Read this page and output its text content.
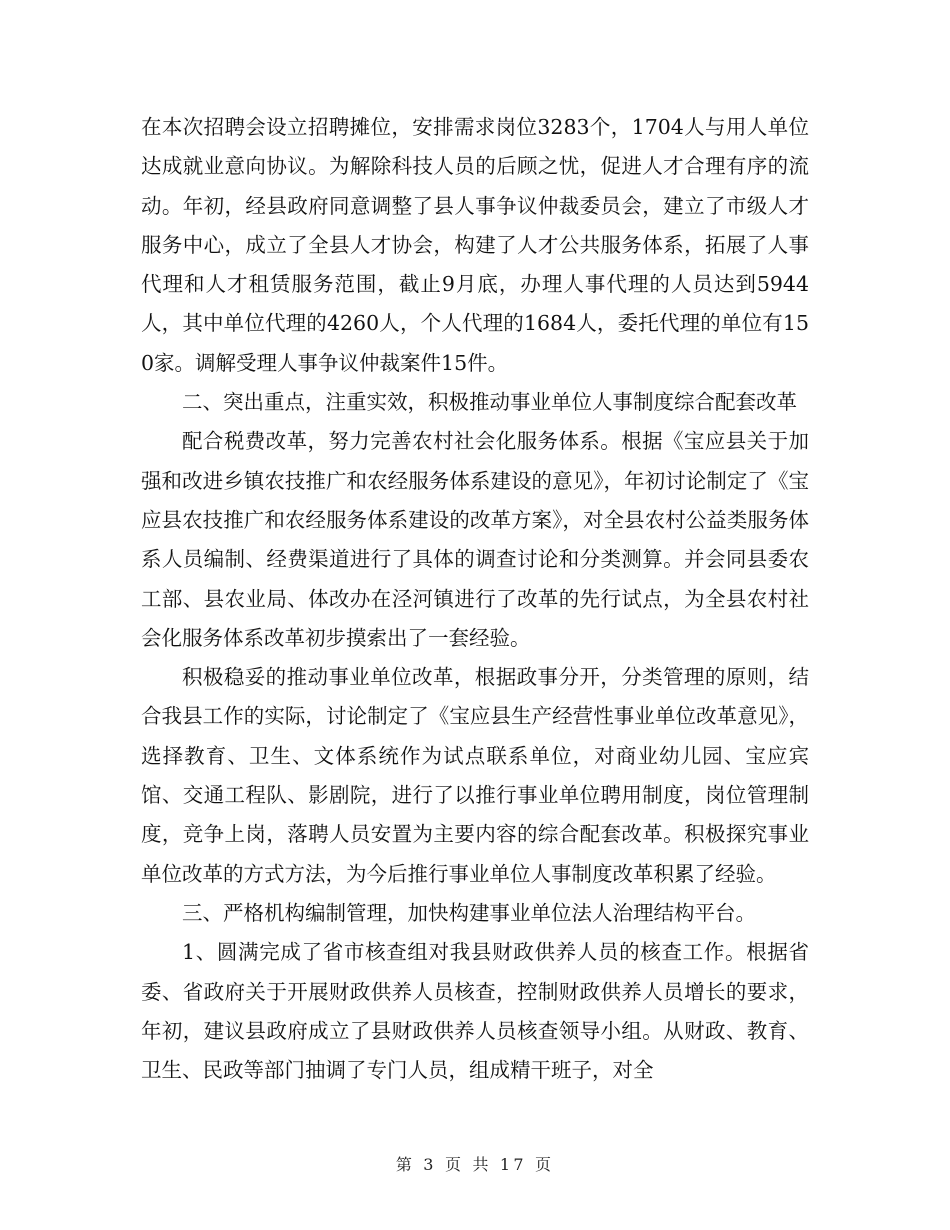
在本次招聘会设立招聘摊位，安排需求岗位3283个，1704人与用人单位达成就业意向协议。为解除科技人员的后顾之忧，促进人才合理有序的流动。年初，经县政府同意调整了县人事争议仲裁委员会，建立了市级人才服务中心，成立了全县人才协会，构建了人才公共服务体系，拓展了人事代理和人才租赁服务范围，截止9月底，办理人事代理的人员达到5944人，其中单位代理的4260人，个人代理的1684人，委托代理的单位有150家。调解受理人事争议仲裁案件15件。

二、突出重点，注重实效，积极推动事业单位人事制度综合配套改革

配合税费改革，努力完善农村社会化服务体系。根据《宝应县关于加强和改进乡镇农技推广和农经服务体系建设的意见》，年初讨论制定了《宝应县农技推广和农经服务体系建设的改革方案》，对全县农村公益类服务体系人员编制、经费渠道进行了具体的调查讨论和分类测算。并会同县委农工部、县农业局、体改办在泾河镇进行了改革的先行试点，为全县农村社会化服务体系改革初步摸索出了一套经验。

积极稳妥的推动事业单位改革，根据政事分开，分类管理的原则，结合我县工作的实际，讨论制定了《宝应县生产经营性事业单位改革意见》，选择教育、卫生、文体系统作为试点联系单位，对商业幼儿园、宝应宾馆、交通工程队、影剧院，进行了以推行事业单位聘用制度，岗位管理制度，竞争上岗，落聘人员安置为主要内容的综合配套改革。积极探究事业单位改革的方式方法，为今后推行事业单位人事制度改革积累了经验。

三、严格机构编制管理，加快构建事业单位法人治理结构平台。

1、圆满完成了省市核查组对我县财政供养人员的核查工作。根据省委、省政府关于开展财政供养人员核查，控制财政供养人员增长的要求，年初，建议县政府成立了县财政供养人员核查领导小组。从财政、教育、卫生、民政等部门抽调了专门人员，组成精干班子，对全

第 3 页 共 17 页
